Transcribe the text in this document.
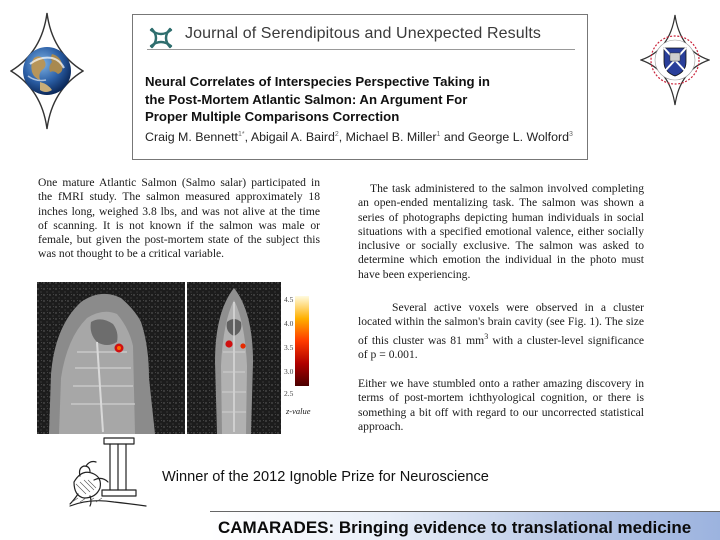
Journal of Serendipitous and Unexpected Results
Neural Correlates of Interspecies Perspective Taking in
the Post-Mortem Atlantic Salmon: An Argument For
Proper Multiple Comparisons Correction
Craig M. Bennett$^{1*}$, Abigail A. Baird$^2$, Michael B. Miller$^1$ and George L. Wolford$^3$
One mature Atlantic Salmon (Salmo salar) participated in the fMRI study. The salmon measured approximately 18 inches long, weighed 3.8 lbs, and was not alive at the time of scanning. It is not known if the salmon was male or female, but given the post-mortem state of the subject this was not thought to be a critical variable.
The task administered to the salmon involved completing an open-ended mentalizing task. The salmon was shown a series of photographs depicting human individuals in social situations with a specified emotional valence, either socially inclusive or socially exclusive. The salmon was asked to determine which emotion the individual in the photo must have been experiencing.
Several active voxels were observed in a cluster located within the salmon's brain cavity (see Fig. 1). The size of this cluster was 81 $mm^3$ with a cluster-level significance of p = 0.001.
Either we have stumbled onto a rather amazing discovery in terms of post-mortem ichthyological cognition, or there is something a bit off with regard to our uncorrected statistical approach.
4.5
4.0
3.5
3.0
2.5
z-value
Winner of the 2012 Ignoble Prize for Neuroscience
CAMARADES: Bringing evidence to translational medicine
